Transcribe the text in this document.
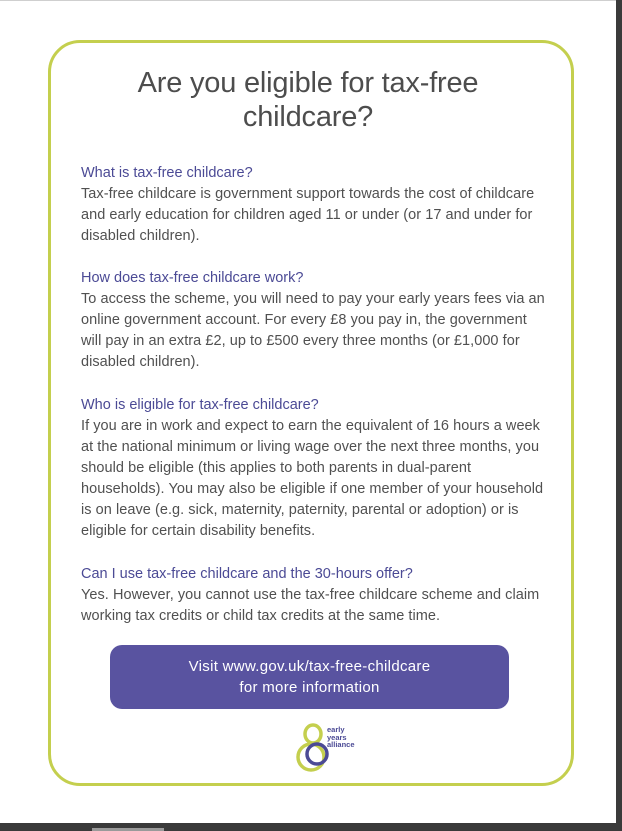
Are you eligible for tax-free childcare?

What is tax-free childcare?

Tax-free childcare is government support towards the cost of childcare and early education for children aged 11 or under (or 17 and under for disabled children).

How does tax-free childcare work?

To access the scheme, you will need to pay your early years fees via an online government account. For every £8 you pay in, the government will pay in an extra £2, up to £500 every three months (or £1,000 for disabled children).

Who is eligible for tax-free childcare?

If you are in work and expect to earn the equivalent of 16 hours a week at the national minimum or living wage over the next three months, you should be eligible (this applies to both parents in dual-parent households). You may also be eligible if one member of your household is on leave (e.g. sick, maternity, paternity, parental or adoption) or is eligible for certain disability benefits.

Can I use tax-free childcare and the 30-hours offer?

Yes. However, you cannot use the tax-free childcare scheme and claim working tax credits or child tax credits at the same time.

Visit www.gov.uk/tax-free-childcare
for more information
early
years
alliance
